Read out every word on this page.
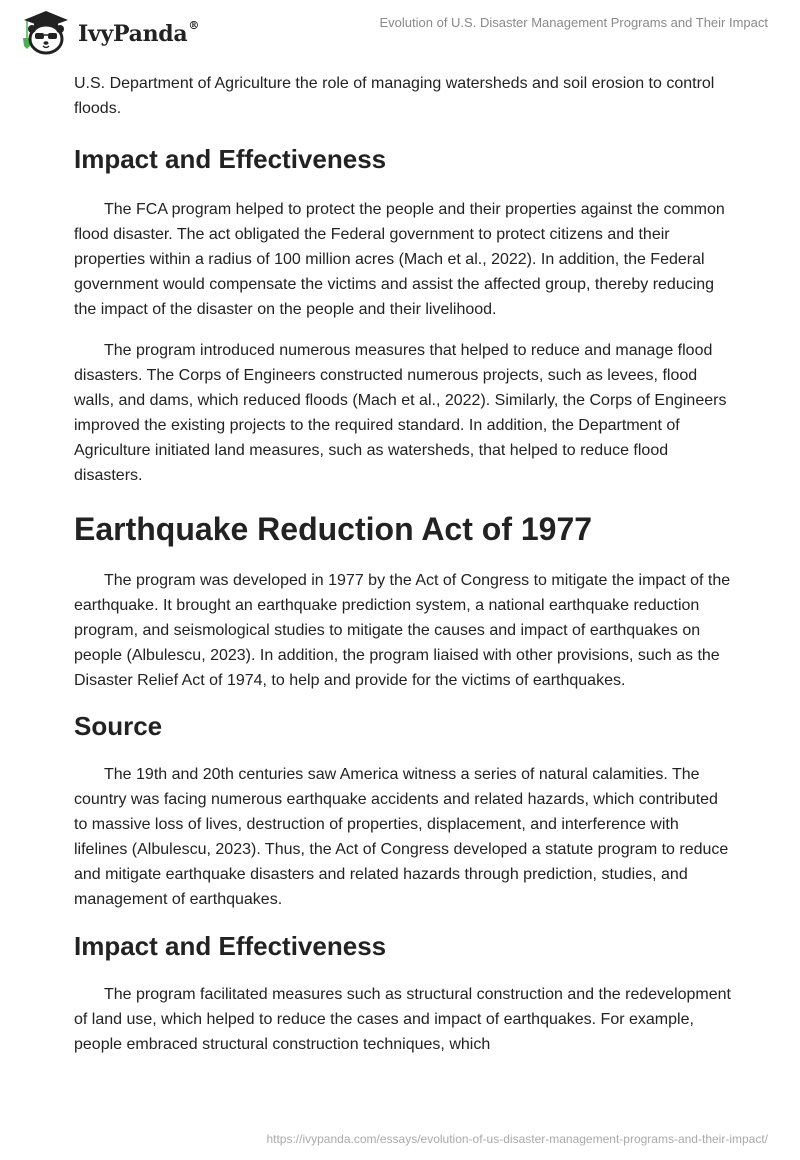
IvyPanda®	Evolution of U.S. Disaster Management Programs and Their Impact

U.S. Department of Agriculture the role of managing watersheds and soil erosion to control floods.

Impact and Effectiveness

The FCA program helped to protect the people and their properties against the common flood disaster. The act obligated the Federal government to protect citizens and their properties within a radius of 100 million acres (Mach et al., 2022). In addition, the Federal government would compensate the victims and assist the affected group, thereby reducing the impact of the disaster on the people and their livelihood.

The program introduced numerous measures that helped to reduce and manage flood disasters. The Corps of Engineers constructed numerous projects, such as levees, flood walls, and dams, which reduced floods (Mach et al., 2022). Similarly, the Corps of Engineers improved the existing projects to the required standard. In addition, the Department of Agriculture initiated land measures, such as watersheds, that helped to reduce flood disasters.

Earthquake Reduction Act of 1977

The program was developed in 1977 by the Act of Congress to mitigate the impact of the earthquake. It brought an earthquake prediction system, a national earthquake reduction program, and seismological studies to mitigate the causes and impact of earthquakes on people (Albulescu, 2023). In addition, the program liaised with other provisions, such as the Disaster Relief Act of 1974, to help and provide for the victims of earthquakes.

Source

The 19th and 20th centuries saw America witness a series of natural calamities. The country was facing numerous earthquake accidents and related hazards, which contributed to massive loss of lives, destruction of properties, displacement, and interference with lifelines (Albulescu, 2023). Thus, the Act of Congress developed a statute program to reduce and mitigate earthquake disasters and related hazards through prediction, studies, and management of earthquakes.

Impact and Effectiveness

The program facilitated measures such as structural construction and the redevelopment of land use, which helped to reduce the cases and impact of earthquakes. For example, people embraced structural construction techniques, which

https://ivypanda.com/essays/evolution-of-us-disaster-management-programs-and-their-impact/
